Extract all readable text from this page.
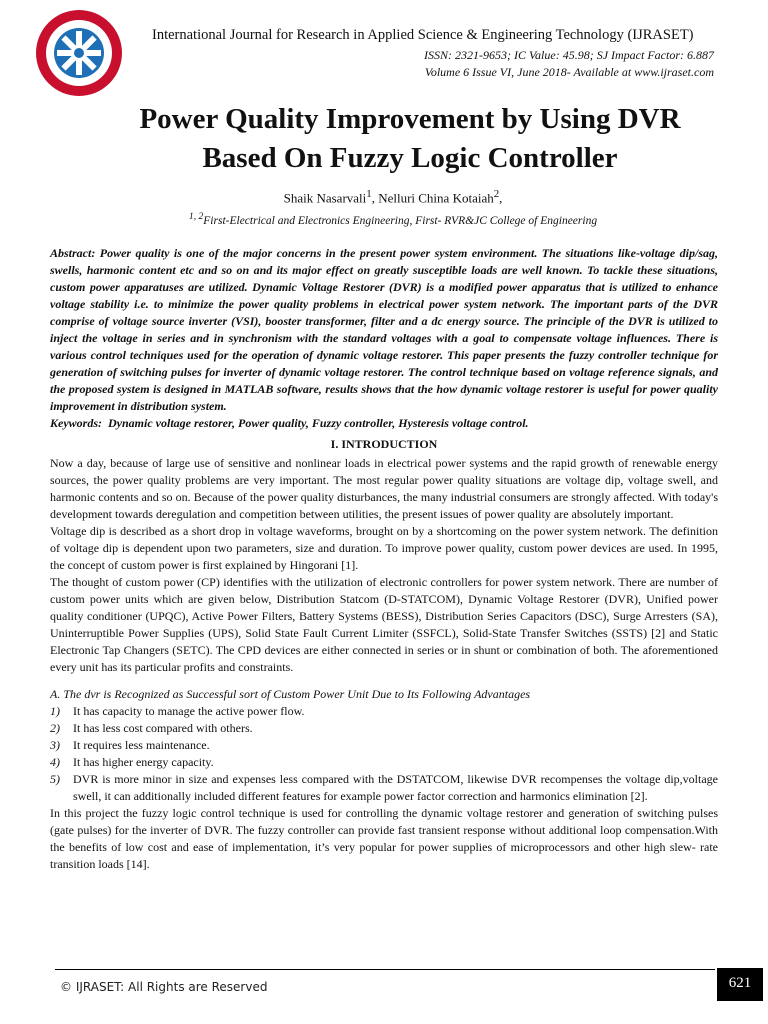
International Journal for Research in Applied Science & Engineering Technology (IJRASET)
ISSN: 2321-9653; IC Value: 45.98; SJ Impact Factor: 6.887
Volume 6 Issue VI, June 2018- Available at www.ijraset.com
Power Quality Improvement by Using DVR
Based On Fuzzy Logic Controller
Shaik Nasarvali$^1$, Nelluri China Kotaiah$^2$,
$^{1, 2}$First-Electrical and Electronics Engineering, First- RVR&JC College of Engineering

Abstract: Power quality is one of the major concerns in the present power system environment. The situations like-voltage dip/sag, swells, harmonic content etc and so on and its major effect on greatly susceptible loads are well known. To tackle these situations, custom power apparatuses are utilized. Dynamic Voltage Restorer (DVR) is a modified power apparatus that is utilized to enhance voltage stability i.e. to minimize the power quality problems in electrical power system network. The important parts of the DVR comprise of voltage source inverter (VSI), booster transformer, filter and a dc energy source. The principle of the DVR is utilized to inject the voltage in series and in synchronism with the standard voltages with a goal to compensate voltage influences. There is various control techniques used for the operation of dynamic voltage restorer. This paper presents the fuzzy controller technique for generation of switching pulses for inverter of dynamic voltage restorer. The control technique based on voltage reference signals, and the proposed system is designed in MATLAB software, results shows that the how dynamic voltage restorer is useful for power quality improvement in distribution system.

Keywords: Dynamic voltage restorer, Power quality, Fuzzy controller, Hysteresis voltage control.

I. INTRODUCTION

Now a day, because of large use of sensitive and nonlinear loads in electrical power systems and the rapid growth of renewable energy sources, the power quality problems are very important. The most regular power quality situations are voltage dip, voltage swell, and harmonic contents and so on. Because of the power quality disturbances, the many industrial consumers are strongly affected. With today's development towards deregulation and competition between utilities, the present issues of power quality are absolutely important.

Voltage dip is described as a short drop in voltage waveforms, brought on by a shortcoming on the power system network. The definition of voltage dip is dependent upon two parameters, size and duration. To improve power quality, custom power devices are used. In 1995, the concept of custom power is first explained by Hingorani [1].

The thought of custom power (CP) identifies with the utilization of electronic controllers for power system network. There are number of custom power units which are given below, Distribution Statcom (D-STATCOM), Dynamic Voltage Restorer (DVR), Unified power quality conditioner (UPQC), Active Power Filters, Battery Systems (BESS), Distribution Series Capacitors (DSC), Surge Arresters (SA), Uninterruptible Power Supplies (UPS), Solid State Fault Current Limiter (SSFCL), Solid-State Transfer Switches (SSTS) [2] and Static Electronic Tap Changers (SETC). The CPD devices are either connected in series or in shunt or combination of both. The aforementioned every unit has its particular profits and constraints.

A. The dvr is Recognized as Successful sort of Custom Power Unit Due to Its Following Advantages

1)	It has capacity to manage the active power flow.
2)	It has less cost compared with others.
3)	It requires less maintenance.
4)	It has higher energy capacity.
5)	DVR is more minor in size and expenses less compared with the DSTATCOM, likewise DVR recompenses the voltage dip,voltage swell, it can additionally included different features for example power factor correction and harmonics elimination [2].

In this project the fuzzy logic control technique is used for controlling the dynamic voltage restorer and generation of switching pulses (gate pulses) for the inverter of DVR. The fuzzy controller can provide fast transient response without additional loop compensation.With the benefits of low cost and ease of implementation, it’s very popular for power supplies of microprocessors and other high slew- rate transition loads [14].

© IJRASET: All Rights are Reserved	621
